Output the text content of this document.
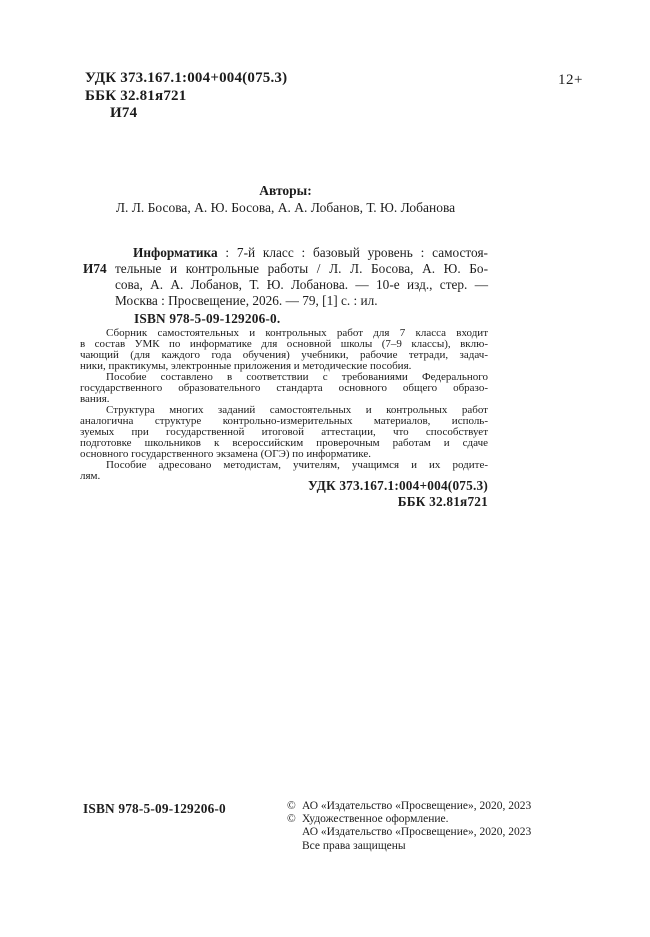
УДК 373.167.1:004+004(075.3)
ББК 32.81я721
И74
12+
Авторы:
Л. Л. Босова, А. Ю. Босова, А. А. Лобанов, Т. Ю. Лобанова
И74
Информатика : 7-й класс : базовый уровень : самостоя-
тельные и контрольные работы / Л. Л. Босова, А. Ю. Бо-
сова, А. А. Лобанов, Т. Ю. Лобанова. — 10-е изд., стер. —
Москва : Просвещение, 2026. — 79, [1] с. : ил.
ISBN 978-5-09-129206-0.
Сборник самостоятельных и контрольных работ для 7 класса входит
в состав УМК по информатике для основной школы (7–9 классы), вклю-
чающий (для каждого года обучения) учебники, рабочие тетради, задач-
ники, практикумы, электронные приложения и методические пособия.
Пособие составлено в соответствии с требованиями Федерального
государственного образовательного стандарта основного общего образо-
вания.
Структура многих заданий самостоятельных и контрольных работ
аналогична структуре контрольно-измерительных материалов, исполь-
зуемых при государственной итоговой аттестации, что способствует
подготовке школьников к всероссийским проверочным работам и сдаче
основного государственного экзамена (ОГЭ) по информатике.
Пособие адресовано методистам, учителям, учащимся и их родите-
лям.
УДК 373.167.1:004+004(075.3)
ББК 32.81я721
ISBN 978-5-09-129206-0	© АО «Издательство «Просвещение», 2020, 2023
© Художественное оформление.
АО «Издательство «Просвещение», 2020, 2023
Все права защищены
